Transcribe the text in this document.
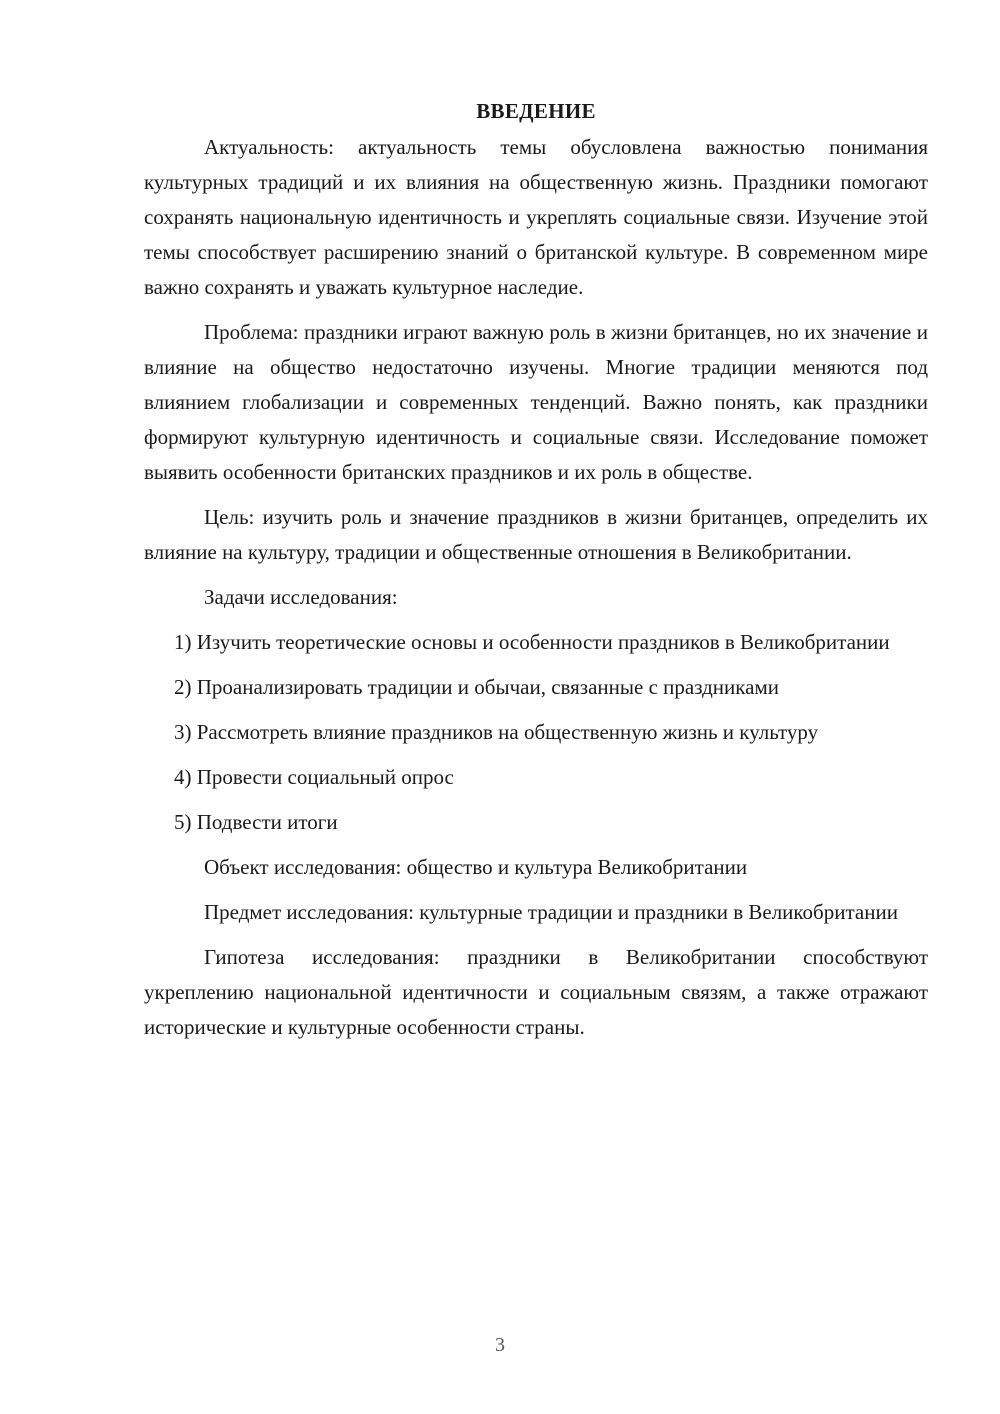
ВВЕДЕНИЕ

Актуальность: актуальность темы обусловлена важностью понимания культурных традиций и их влияния на общественную жизнь. Праздники помогают сохранять национальную идентичность и укреплять социальные связи. Изучение этой темы способствует расширению знаний о британской культуре. В современном мире важно сохранять и уважать культурное наследие.

Проблема: праздники играют важную роль в жизни британцев, но их значение и влияние на общество недостаточно изучены. Многие традиции меняются под влиянием глобализации и современных тенденций. Важно понять, как праздники формируют культурную идентичность и социальные связи. Исследование поможет выявить особенности британских праздников и их роль в обществе.

Цель: изучить роль и значение праздников в жизни британцев, определить их влияние на культуру, традиции и общественные отношения в Великобритании.

Задачи исследования:

1) Изучить теоретические основы и особенности праздников в Великобритании

2) Проанализировать традиции и обычаи, связанные с праздниками

3) Рассмотреть влияние праздников на общественную жизнь и культуру

4) Провести социальный опрос

5) Подвести итоги

Объект исследования: общество и культура Великобритании

Предмет исследования: культурные традиции и праздники в Великобритании

Гипотеза исследования: праздники в Великобритании способствуют укреплению национальной идентичности и социальным связям, а также отражают исторические и культурные особенности страны.

3
